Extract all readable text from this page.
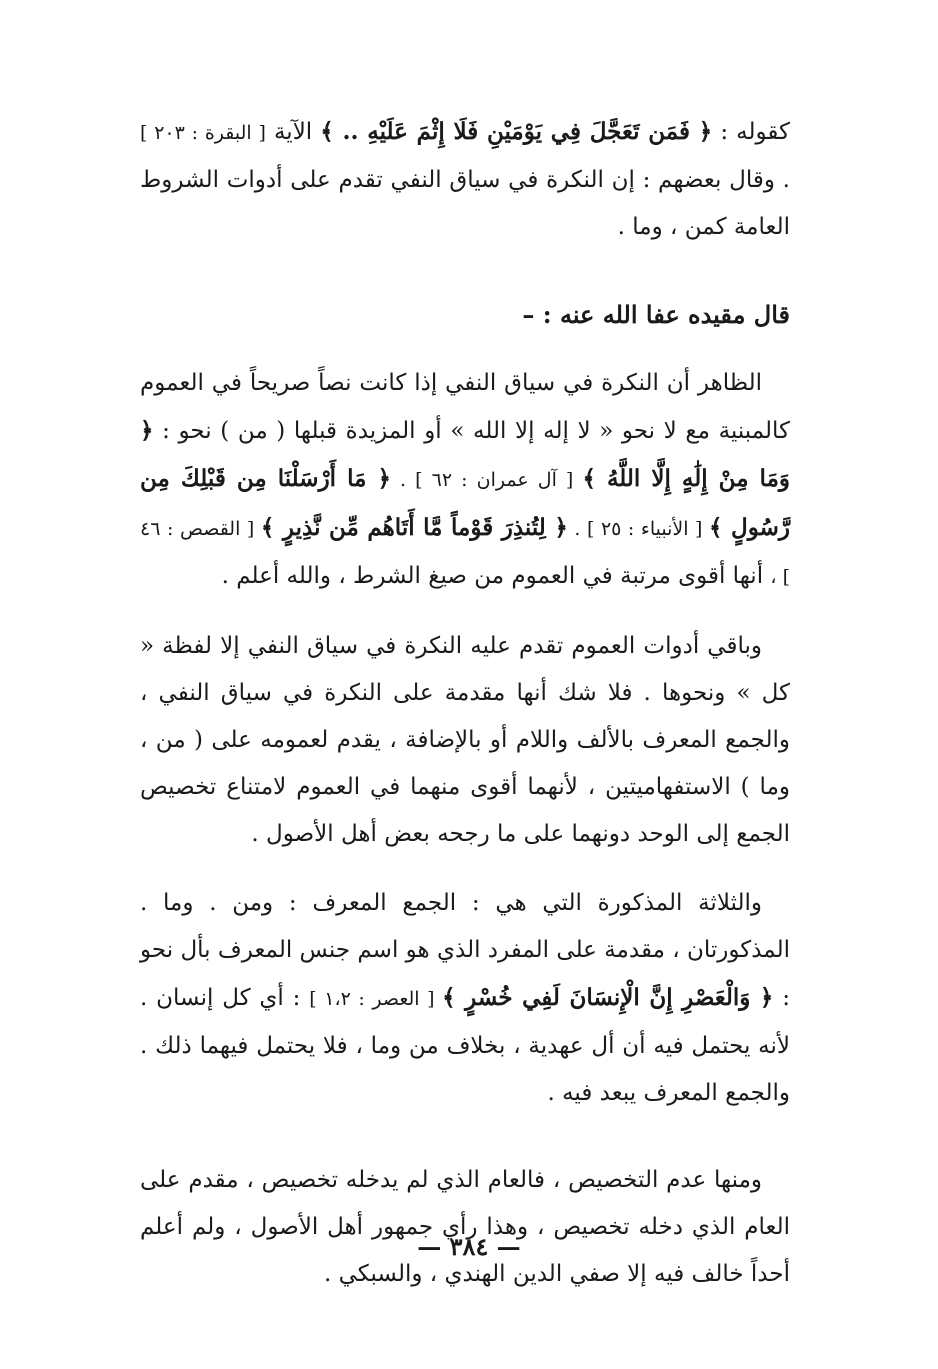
كقوله : ﴿ فَمَن تَعَجَّلَ فِي يَوْمَيْنِ فَلَا إِثْمَ عَلَيْهِ .. ﴾ الآية [ البقرة : ٢٠٣ ] . وقال بعضهم : إن النكرة في سياق النفي تقدم على أدوات الشروط العامة كمن ، وما .

قال مقيده عفا الله عنه : –

الظاهر أن النكرة في سياق النفي إذا كانت نصاً صريحاً في العموم كالمبنية مع لا نحو « لا إله إلا الله » أو المزيدة قبلها ( من ) نحو : ﴿ وَمَا مِنْ إِلَٰهٍ إِلَّا اللَّهُ ﴾ [ آل عمران : ٦٢ ] . ﴿ مَا أَرْسَلْنَا مِن قَبْلِكَ مِن رَّسُولٍ ﴾ [ الأنبياء : ٢٥ ] . ﴿ لِتُنذِرَ قَوْماً مَّا أَتَاهُم مِّن نَّذِيرٍ ﴾ [ القصص : ٤٦ ] ، أنها أقوى مرتبة في العموم من صيغ الشرط ، والله أعلم .

وباقي أدوات العموم تقدم عليه النكرة في سياق النفي إلا لفظة « كل » ونحوها . فلا شك أنها مقدمة على النكرة في سياق النفي ، والجمع المعرف بالألف واللام أو بالإضافة ، يقدم لعمومه على ( من ، وما ) الاستفهاميتين ، لأنهما أقوى منهما في العموم لامتناع تخصيص الجمع إلى الوحد دونهما على ما رجحه بعض أهل الأصول .

والثلاثة المذكورة التي هي : الجمع المعرف : ومن . وما . المذكورتان ، مقدمة على المفرد الذي هو اسم جنس المعرف بأل نحو : ﴿ وَالْعَصْرِ إِنَّ الْإِنسَانَ لَفِي خُسْرٍ ﴾ [ العصر : ١،٢ ] : أي كل إنسان . لأنه يحتمل فيه أن أل عهدية ، بخلاف من وما ، فلا يحتمل فيهما ذلك . والجمع المعرف يبعد فيه .

ومنها عدم التخصيص ، فالعام الذي لم يدخله تخصيص ، مقدم على العام الذي دخله تخصيص ، وهذا رأي جمهور أهل الأصول ، ولم أعلم أحداً خالف فيه إلا صفي الدين الهندي ، والسبكي .

— ٣٨٤ —
